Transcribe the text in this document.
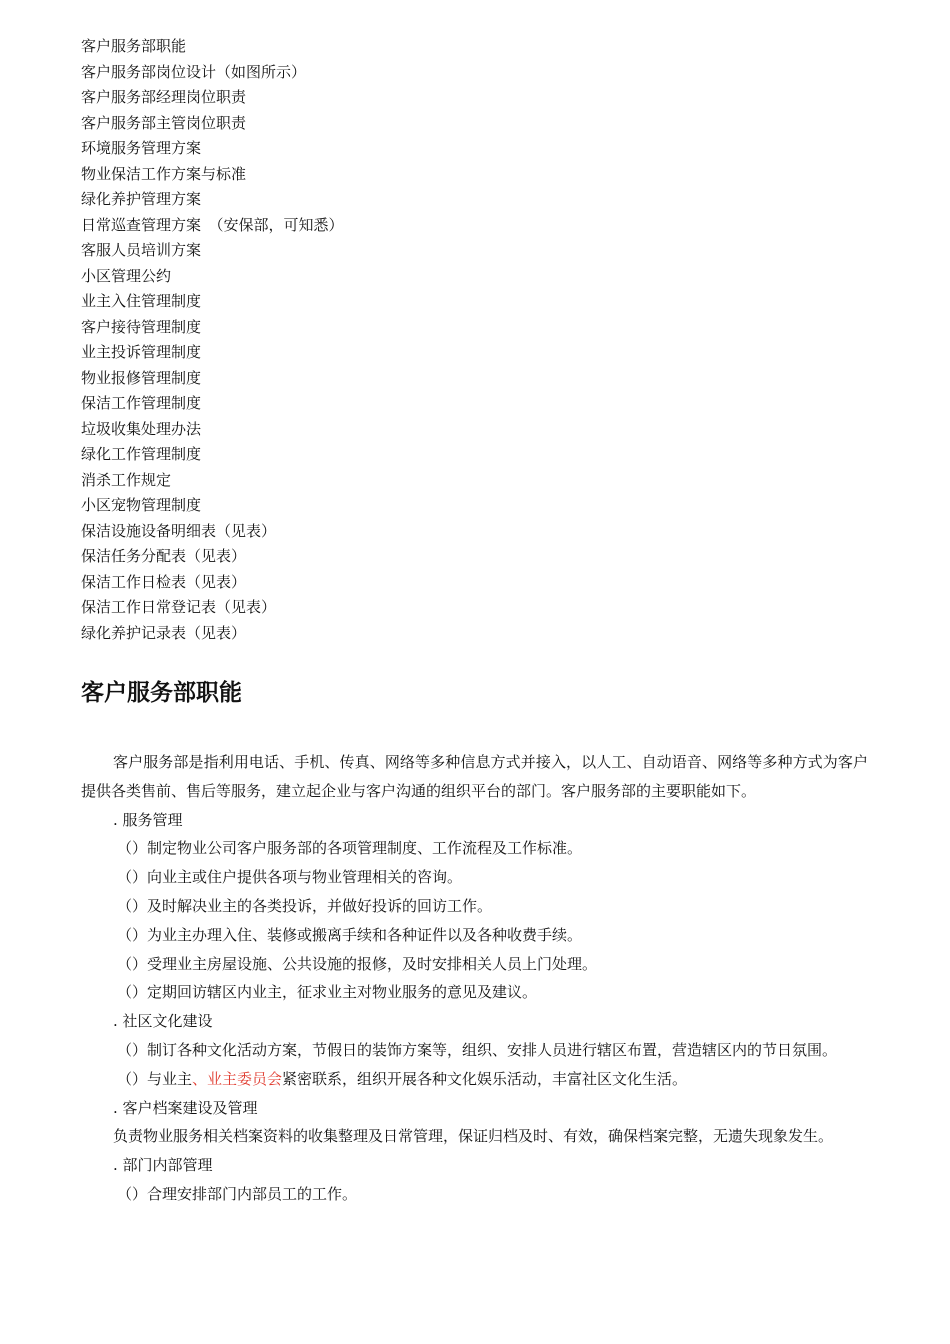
客户服务部职能
客户服务部岗位设计（如图所示）
客户服务部经理岗位职责
客户服务部主管岗位职责
环境服务管理方案
物业保洁工作方案与标准
绿化养护管理方案
日常巡查管理方案　（安保部，可知悉）
客服人员培训方案
小区管理公约
业主入住管理制度
客户接待管理制度
业主投诉管理制度
物业报修管理制度
保洁工作管理制度
垃圾收集处理办法
绿化工作管理制度
消杀工作规定
小区宠物管理制度
保洁设施设备明细表（见表）
保洁任务分配表（见表）
保洁工作日检表（见表）
保洁工作日常登记表（见表）
绿化养护记录表（见表）
客户服务部职能

客户服务部是指利用电话、手机、传真、网络等多种信息方式并接入，以人工、自动语音、网络等多种方式为客户提供各类售前、售后等服务，建立起企业与客户沟通的组织平台的部门。客户服务部的主要职能如下。

. 服务管理

（）制定物业公司客户服务部的各项管理制度、工作流程及工作标准。

（）向业主或住户提供各项与物业管理相关的咨询。

（）及时解决业主的各类投诉，并做好投诉的回访工作。

（）为业主办理入住、装修或搬离手续和各种证件以及各种收费手续。

（）受理业主房屋设施、公共设施的报修，及时安排相关人员上门处理。

（）定期回访辖区内业主，征求业主对物业服务的意见及建议。

. 社区文化建设

（）制订各种文化活动方案，节假日的装饰方案等，组织、安排人员进行辖区布置，营造辖区内的节日氛围。

（）与业主、业主委员会紧密联系，组织开展各种文化娱乐活动，丰富社区文化生活。

. 客户档案建设及管理

负责物业服务相关档案资料的收集整理及日常管理，保证归档及时、有效，确保档案完整，无遗失现象发生。

. 部门内部管理

（）合理安排部门内部员工的工作。
